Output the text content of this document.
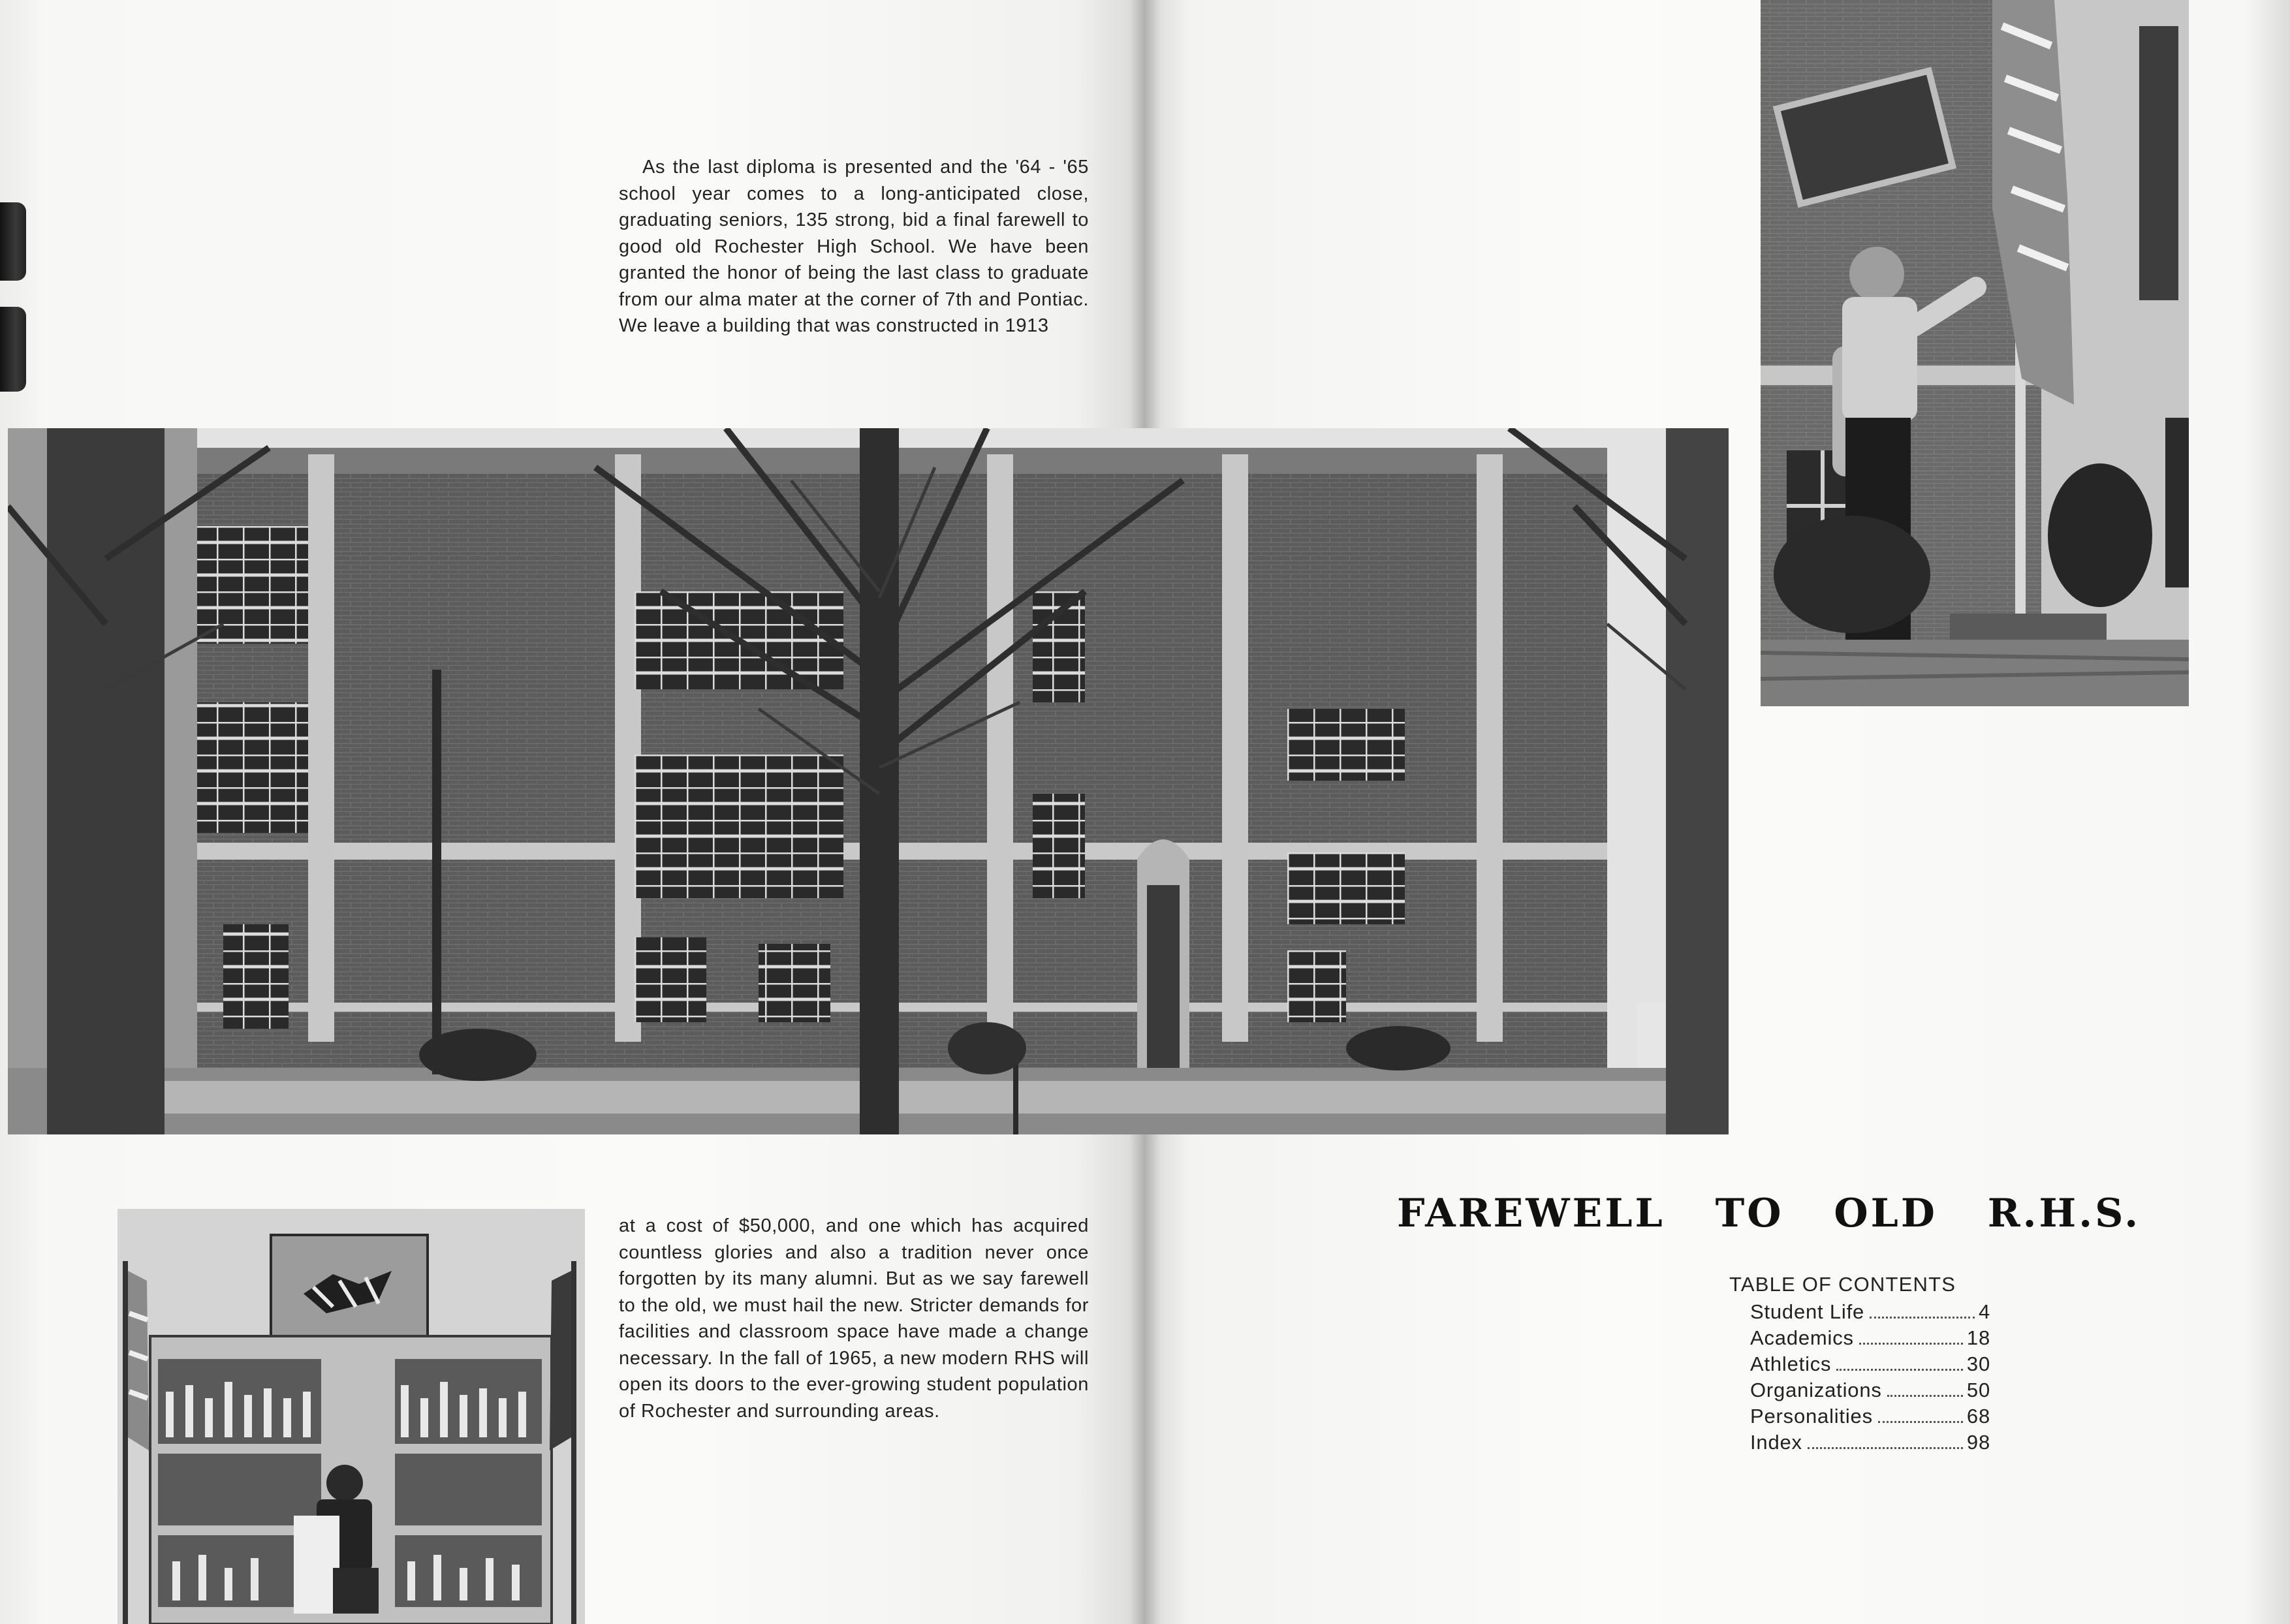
As the last diploma is presented and the '64 - '65 school year comes to a long-anticipated close, graduating seniors, 135 strong, bid a final farewell to good old Rochester High School. We have been granted the honor of being the last class to graduate from our alma mater at the corner of 7th and Pontiac. We leave a building that was constructed in 1913

at a cost of $50,000, and one which has acquired countless glories and also a tradition never once forgotten by its many alumni. But as we say farewell to the old, we must hail the new. Stricter demands for facilities and classroom space have made a change necessary. In the fall of 1965, a new modern RHS will open its doors to the ever-growing student population of Rochester and surrounding areas.

FAREWELL TO OLD R.H.S.
TABLE OF CONTENTS
Student Life	4
Academics	18
Athletics	30
Organizations	50
Personalities	68
Index	98
